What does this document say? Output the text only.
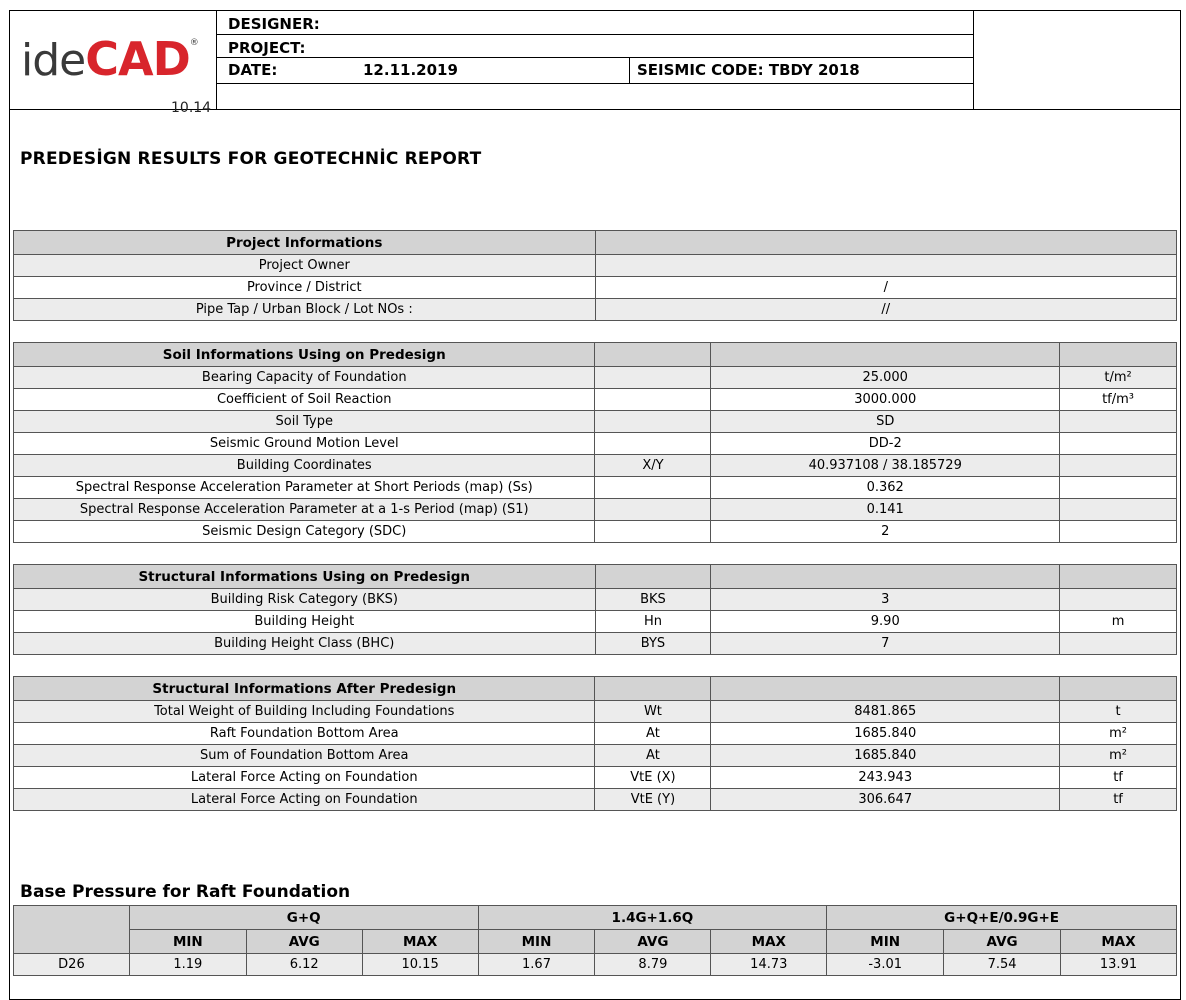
ideCAD®
10.14
DESIGNER:
PROJECT:
DATE:	12.11.2019	SEISMIC CODE: TBDY 2018
PREDESİGN RESULTS FOR GEOTECHNİC REPORT
Project Informations	
Project Owner	
Province / District	/
Pipe Tap / Urban Block / Lot NOs :	//
Soil Informations Using on Predesign			
Bearing Capacity of Foundation		25.000	t/m²
Coefficient of Soil Reaction		3000.000	tf/m³
Soil Type		SD	
Seismic Ground Motion Level		DD-2	
Building Coordinates	X/Y	40.937108 / 38.185729	
Spectral Response Acceleration Parameter at Short Periods (map) (Ss)		0.362	
Spectral Response Acceleration Parameter at a 1-s Period (map) (S1)		0.141	
Seismic Design Category (SDC)		2	
Structural Informations Using on Predesign			
Building Risk Category (BKS)	BKS	3	
Building Height	Hn	9.90	m
Building Height Class (BHC)	BYS	7	
Structural Informations After Predesign			
Total Weight of Building Including Foundations	Wt	8481.865	t
Raft Foundation Bottom Area	At	1685.840	m²
Sum of Foundation Bottom Area	At	1685.840	m²
Lateral Force Acting on Foundation	VtE (X)	243.943	tf
Lateral Force Acting on Foundation	VtE (Y)	306.647	tf
Base Pressure for Raft Foundation
	G+Q			1.4G+1.6Q			G+Q+E/0.9G+E		
	MIN	AVG	MAX	MIN	AVG	MAX	MIN	AVG	MAX
D26	1.19	6.12	10.15	1.67	8.79	14.73	-3.01	7.54	13.91
